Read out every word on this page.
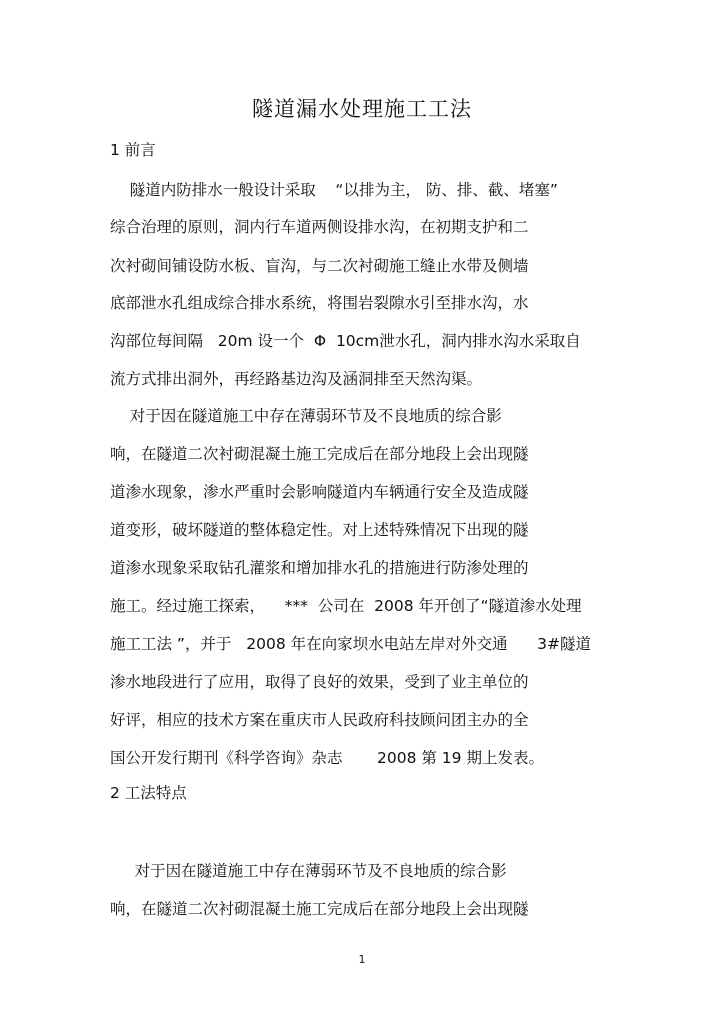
隧道漏水处理施工工法
1 前言
隧道内防排水一般设计采取    “以排为主， 防、排、截、堵塞”
综合治理的原则，洞内行车道两侧设排水沟，在初期支护和二
次衬砌间铺设防水板、盲沟，与二次衬砌施工缝止水带及侧墙
底部泄水孔组成综合排水系统，将围岩裂隙水引至排水沟，水
沟部位每间隔   20m 设一个  Φ  10cm泄水孔，洞内排水沟水采取自
流方式排出洞外，再经路基边沟及涵洞排至天然沟渠。
对于因在隧道施工中存在薄弱环节及不良地质的综合影
响，在隧道二次衬砌混凝土施工完成后在部分地段上会出现隧
道渗水现象，渗水严重时会影响隧道内车辆通行安全及造成隧
道变形，破坏隧道的整体稳定性。对上述特殊情况下出现的隧
道渗水现象采取钻孔灌浆和增加排水孔的措施进行防渗处理的
施工。经过施工探索，    ***  公司在  2008 年开创了“隧道渗水处理
施工工法 ”，并于   2008 年在向家坝水电站左岸对外交通      3#隧道
渗水地段进行了应用，取得了良好的效果，受到了业主单位的
好评，相应的技术方案在重庆市人民政府科技顾问团主办的全
国公开发行期刊《科学咨询》杂志       2008 第 19 期上发表。
2 工法特点
对于因在隧道施工中存在薄弱环节及不良地质的综合影
响，在隧道二次衬砌混凝土施工完成后在部分地段上会出现隧
1
